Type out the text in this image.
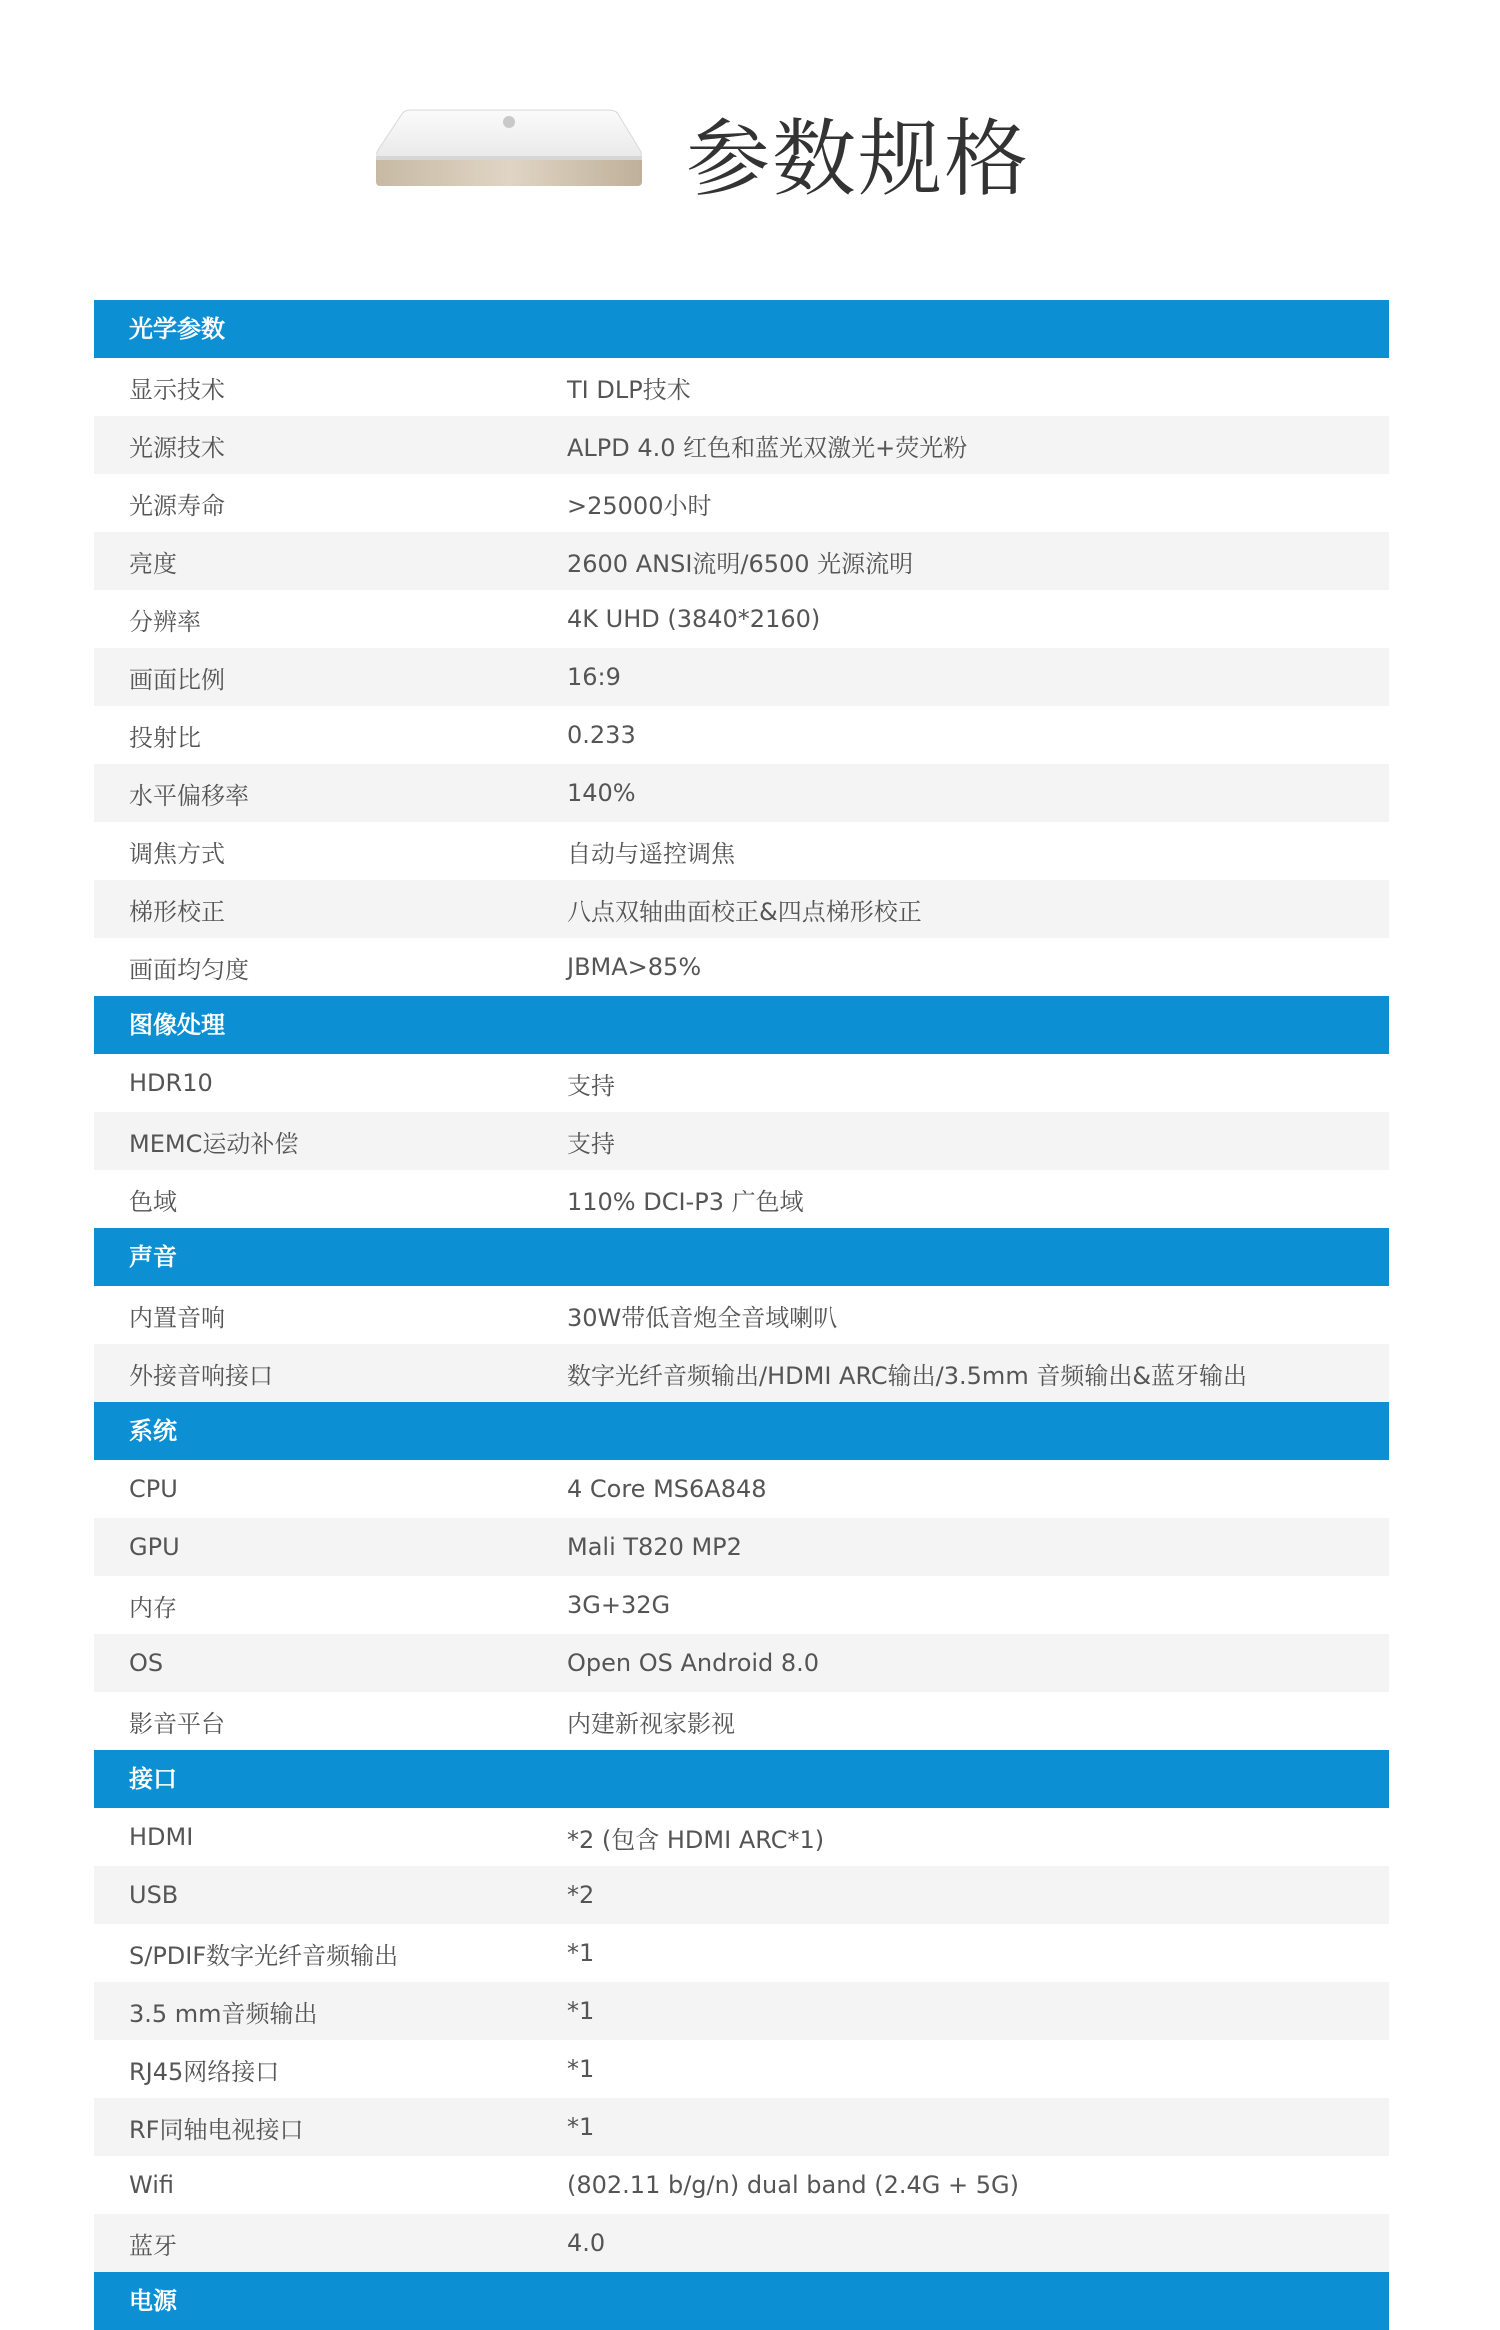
参数规格
光学参数
显示技术	TI DLP技术
光源技术	ALPD 4.0 红色和蓝光双激光+荧光粉
光源寿命	>25000小时
亮度	2600 ANSI流明/6500 光源流明
分辨率	4K UHD (3840*2160)
画面比例	16:9
投射比	0.233
水平偏移率	140%
调焦方式	自动与遥控调焦
梯形校正	八点双轴曲面校正&四点梯形校正
画面均匀度	JBMA>85%
图像处理
HDR10	支持
MEMC运动补偿	支持
色域	110% DCI-P3 广色域
声音
内置音响	30W带低音炮全音域喇叭
外接音响接口	数字光纤音频输出/HDMI ARC输出/3.5mm 音频输出&蓝牙输出
系统
CPU	4 Core MS6A848
GPU	Mali T820 MP2
内存	3G+32G
OS	Open OS Android 8.0
影音平台	内建新视家影视
接口
HDMI	*2 (包含 HDMI ARC*1)
USB	*2
S/PDIF数字光纤音频输出	*1
3.5 mm音频输出	*1
RJ45网络接口	*1
RF同轴电视接口	*1
Wifi	(802.11 b/g/n) dual band (2.4G + 5G)
蓝牙	4.0
电源
